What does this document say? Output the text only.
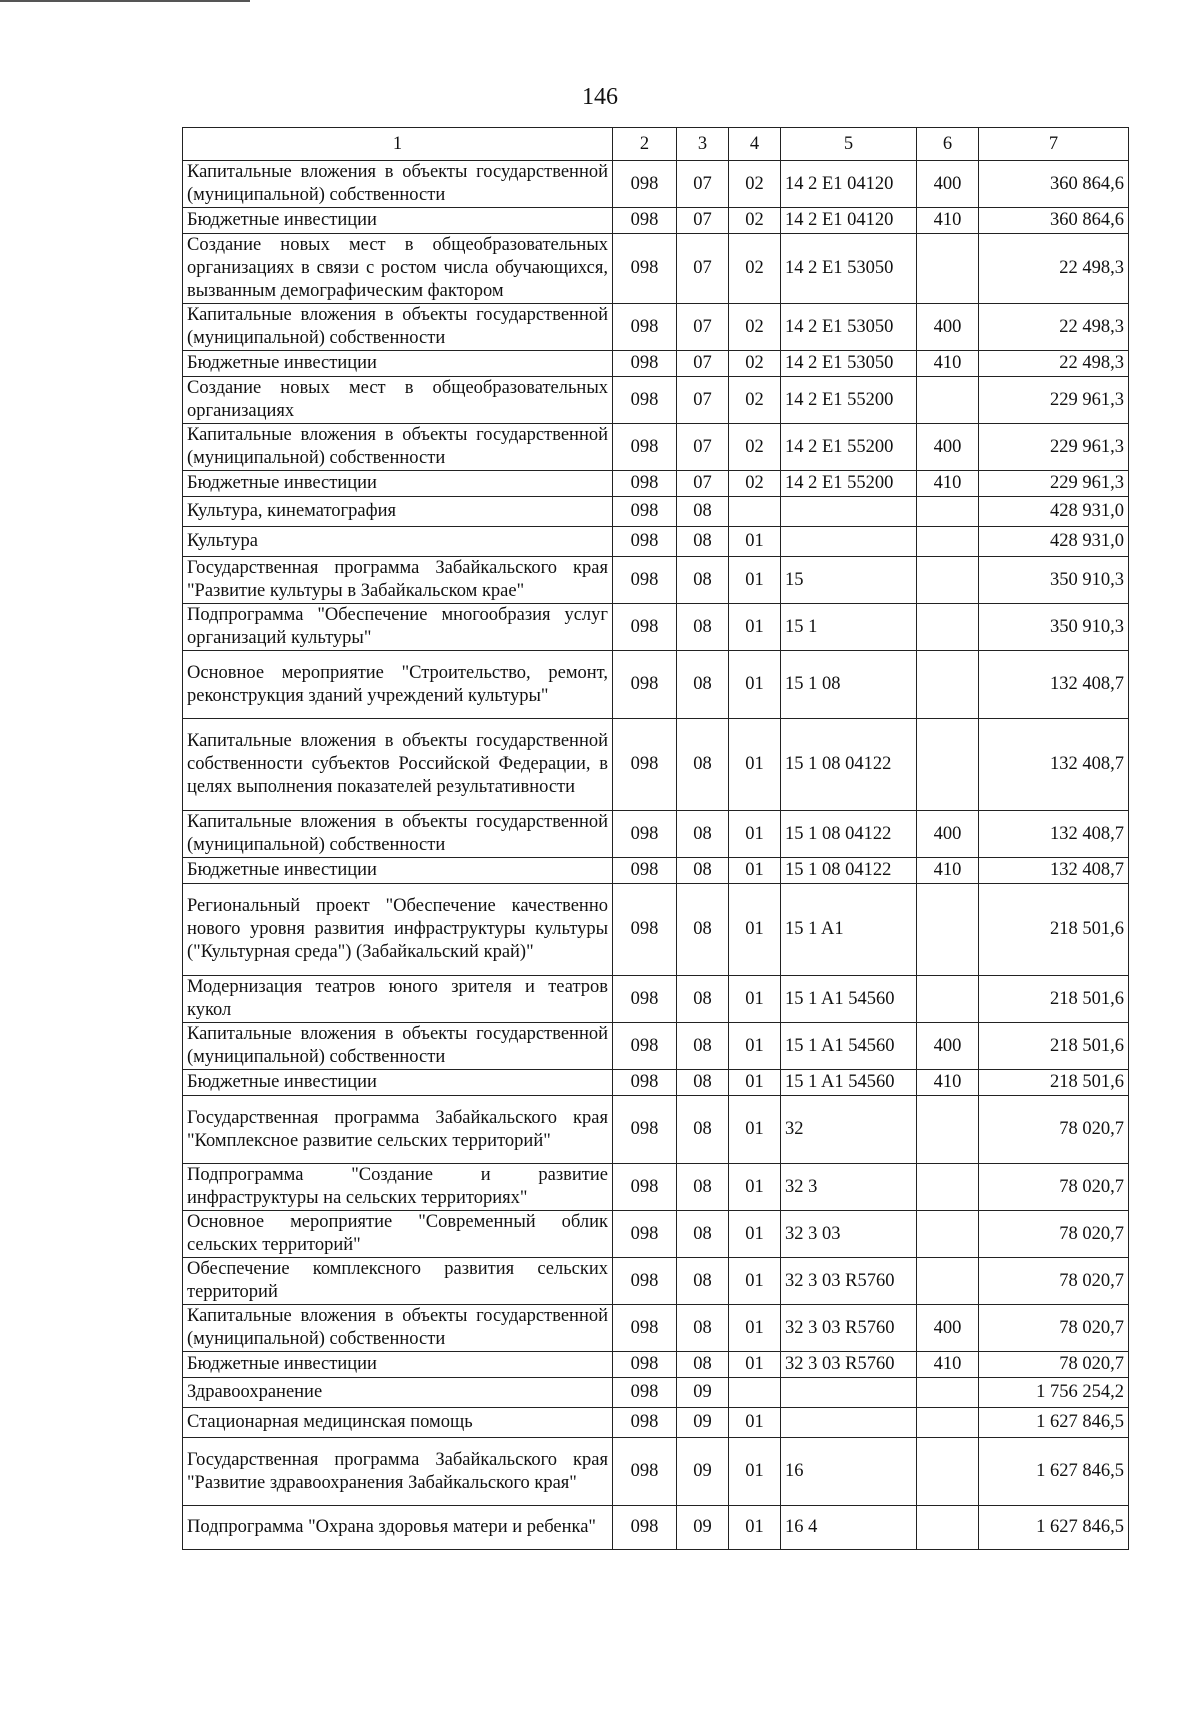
146
1	2	3	4	5	6	7
Капитальные вложения в объекты государственной (муниципальной) собственности	098	07	02	14 2 E1 04120	400	360 864,6
Бюджетные инвестиции	098	07	02	14 2 E1 04120	410	360 864,6
Создание новых мест в общеобразовательных организациях в связи с ростом числа обучающихся, вызванным демографическим фактором	098	07	02	14 2 E1 53050		22 498,3
Капитальные вложения в объекты государственной (муниципальной) собственности	098	07	02	14 2 E1 53050	400	22 498,3
Бюджетные инвестиции	098	07	02	14 2 E1 53050	410	22 498,3
Создание новых мест в общеобразовательных организациях	098	07	02	14 2 E1 55200		229 961,3
Капитальные вложения в объекты государственной (муниципальной) собственности	098	07	02	14 2 E1 55200	400	229 961,3
Бюджетные инвестиции	098	07	02	14 2 E1 55200	410	229 961,3
Культура, кинематография	098	08				428 931,0
Культура	098	08	01			428 931,0
Государственная программа Забайкальского края "Развитие культуры в Забайкальском крае"	098	08	01	15		350 910,3
Подпрограмма "Обеспечение многообразия услуг организаций культуры"	098	08	01	15 1		350 910,3
Основное мероприятие "Строительство, ремонт, реконструкция зданий учреждений культуры"	098	08	01	15 1 08		132 408,7
Капитальные вложения в объекты государственной собственности субъектов Российской Федерации, в целях выполнения показателей результативности	098	08	01	15 1 08 04122		132 408,7
Капитальные вложения в объекты государственной (муниципальной) собственности	098	08	01	15 1 08 04122	400	132 408,7
Бюджетные инвестиции	098	08	01	15 1 08 04122	410	132 408,7
Региональный проект "Обеспечение качественно нового уровня развития инфраструктуры культуры ("Культурная среда") (Забайкальский край)"	098	08	01	15 1 A1		218 501,6
Модернизация театров юного зрителя и театров кукол	098	08	01	15 1 A1 54560		218 501,6
Капитальные вложения в объекты государственной (муниципальной) собственности	098	08	01	15 1 A1 54560	400	218 501,6
Бюджетные инвестиции	098	08	01	15 1 A1 54560	410	218 501,6
Государственная программа Забайкальского края "Комплексное развитие сельских территорий"	098	08	01	32		78 020,7
Подпрограмма "Создание и развитие инфраструктуры на сельских территориях"	098	08	01	32 3		78 020,7
Основное мероприятие "Современный облик сельских территорий"	098	08	01	32 3 03		78 020,7
Обеспечение комплексного развития сельских территорий	098	08	01	32 3 03 R5760		78 020,7
Капитальные вложения в объекты государственной (муниципальной) собственности	098	08	01	32 3 03 R5760	400	78 020,7
Бюджетные инвестиции	098	08	01	32 3 03 R5760	410	78 020,7
Здравоохранение	098	09				1 756 254,2
Стационарная медицинская помощь	098	09	01			1 627 846,5
Государственная программа Забайкальского края "Развитие здравоохранения Забайкальского края"	098	09	01	16		1 627 846,5
Подпрограмма "Охрана здоровья матери и ребенка"	098	09	01	16 4		1 627 846,5
